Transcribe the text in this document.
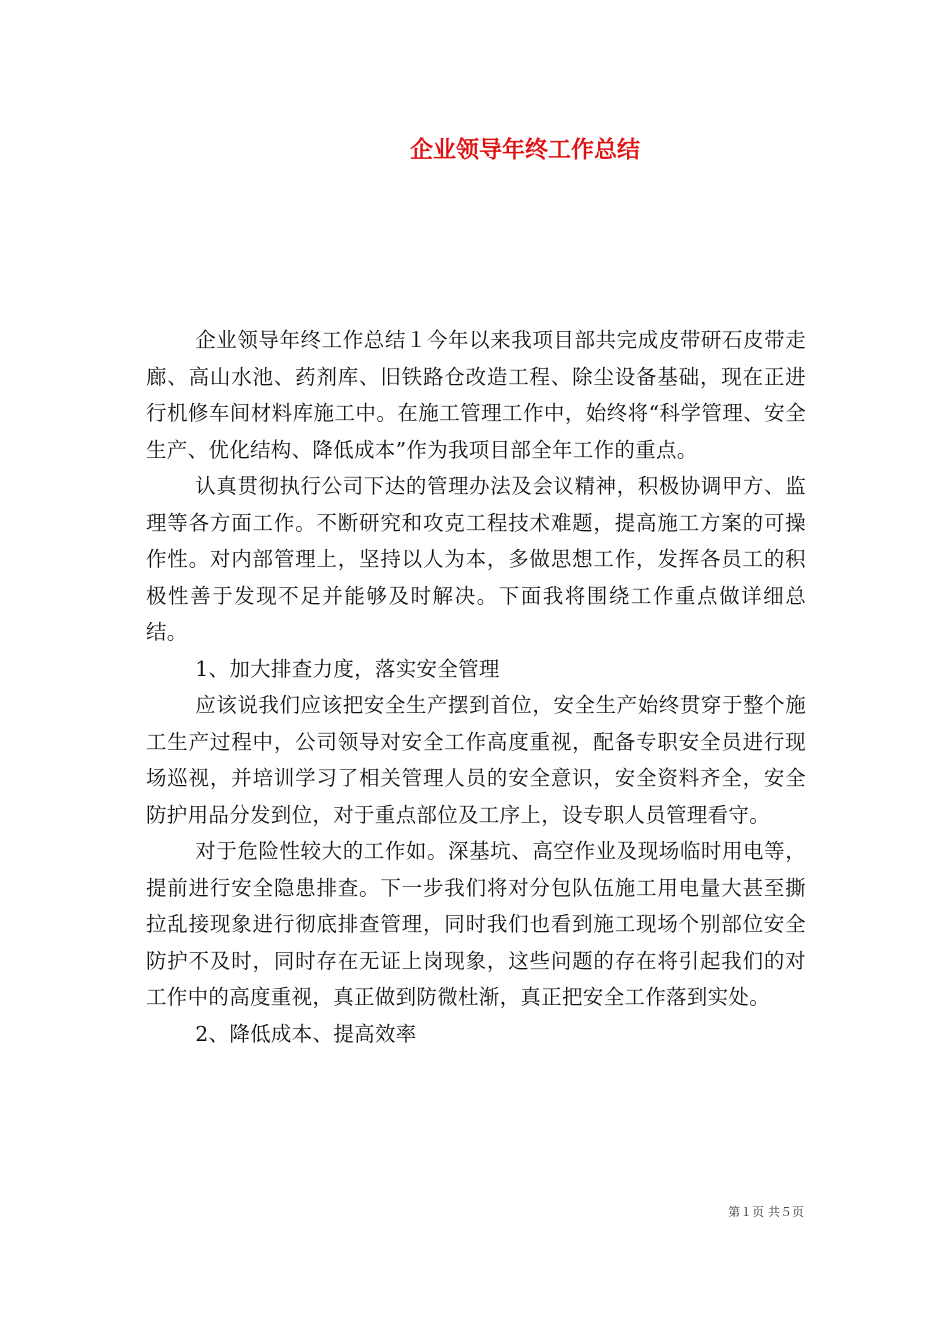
企业领导年终工作总结

企业领导年终工作总结１今年以来我项目部共完成皮带研石皮带走廊、高山水池、药剂库、旧铁路仓改造工程、除尘设备基础，现在正进行机修车间材料库施工中。在施工管理工作中，始终将“科学管理、安全生产、优化结构、降低成本”作为我项目部全年工作的重点。

认真贯彻执行公司下达的管理办法及会议精神，积极协调甲方、监理等各方面工作。不断研究和攻克工程技术难题，提高施工方案的可操作性。对内部管理上，坚持以人为本，多做思想工作，发挥各员工的积极性善于发现不足并能够及时解决。下面我将围绕工作重点做详细总结。

1、加大排查力度，落实安全管理

应该说我们应该把安全生产摆到首位，安全生产始终贯穿于整个施工生产过程中，公司领导对安全工作高度重视，配备专职安全员进行现场巡视，并培训学习了相关管理人员的安全意识，安全资料齐全，安全防护用品分发到位，对于重点部位及工序上，设专职人员管理看守。

对于危险性较大的工作如。深基坑、高空作业及现场临时用电等，提前进行安全隐患排查。下一步我们将对分包队伍施工用电量大甚至撕拉乱接现象进行彻底排查管理，同时我们也看到施工现场个别部位安全防护不及时，同时存在无证上岗现象，这些问题的存在将引起我们的对工作中的高度重视，真正做到防微杜渐，真正把安全工作落到实处。

2、降低成本、提高效率

第１页 共５页
